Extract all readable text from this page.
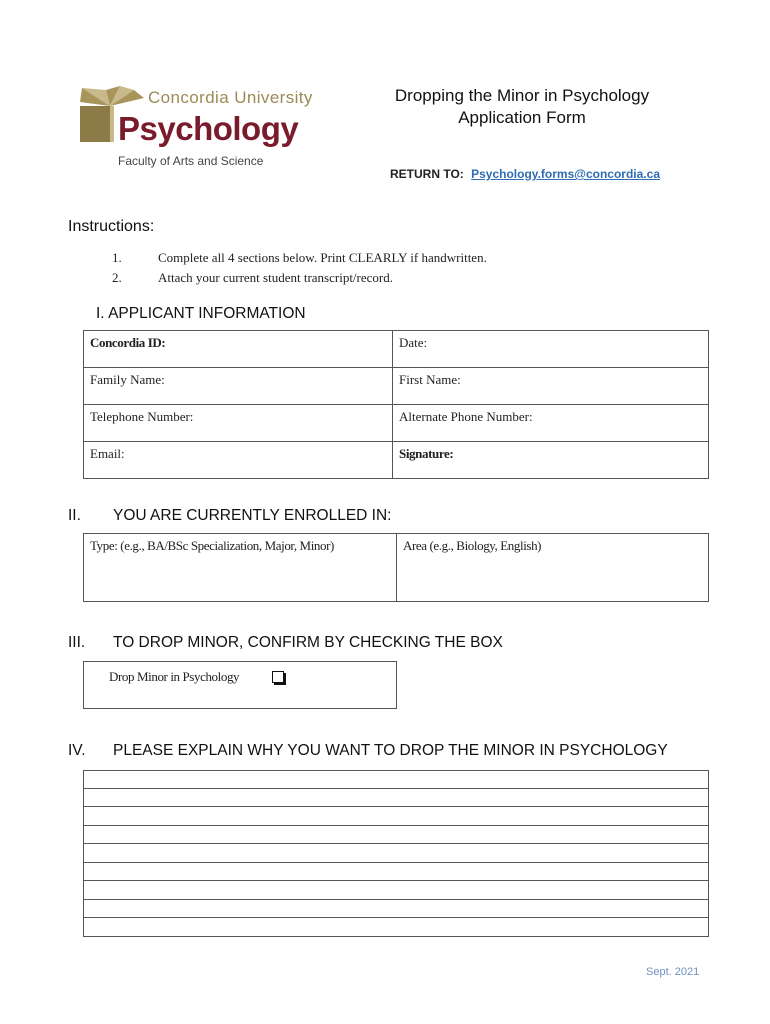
Concordia University
Psychology
Faculty of Arts and Science
Dropping the Minor in Psychology
Application Form
RETURN TO: Psychology.forms@concordia.ca
Instructions:
1.	Complete all 4 sections below. Print CLEARLY if handwritten.
2.	Attach your current student transcript/record.
I. APPLICANT INFORMATION
Concordia ID:	Date:
Family Name:	First Name:
Telephone Number:	Alternate Phone Number:
Email:	Signature:
II. YOU ARE CURRENTLY ENROLLED IN:
Type: (e.g., BA/BSc Specialization, Major, Minor)	Area (e.g., Biology, English)
III. TO DROP MINOR, CONFIRM BY CHECKING THE BOX
Drop Minor in Psychology
IV. PLEASE EXPLAIN WHY YOU WANT TO DROP THE MINOR IN PSYCHOLOGY
Sept. 2021
